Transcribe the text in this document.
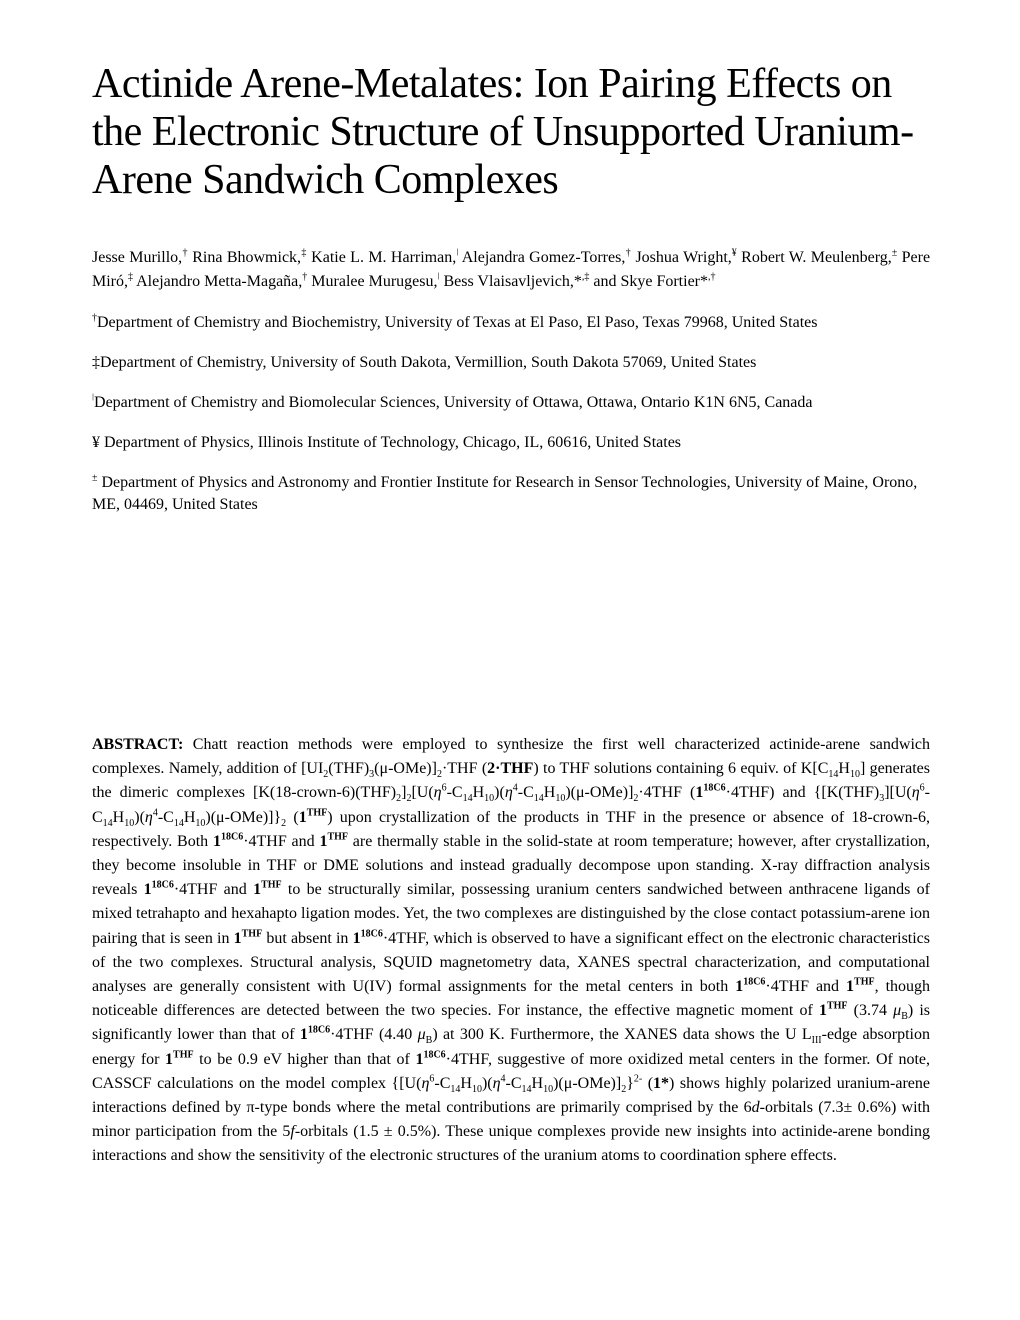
Actinide Arene-Metalates: Ion Pairing Effects on the Electronic Structure of Unsupported Uranium-Arene Sandwich Complexes
Jesse Murillo,† Rina Bhowmick,‡ Katie L. M. Harriman,$^ǀ$ Alejandra Gomez-Torres,† Joshua Wright,¥ Robert W. Meulenberg,± Pere Miró,‡ Alejandro Metta-Magaña,† Muralee Murugesu,$^ǀ$ Bess Vlaisavljevich,*,‡ and Skye Fortier*,†
†Department of Chemistry and Biochemistry, University of Texas at El Paso, El Paso, Texas 79968, United States
‡Department of Chemistry, University of South Dakota, Vermillion, South Dakota 57069, United States
$^ǀ$Department of Chemistry and Biomolecular Sciences, University of Ottawa, Ottawa, Ontario K1N 6N5, Canada
¥ Department of Physics, Illinois Institute of Technology, Chicago, IL, 60616, United States
± Department of Physics and Astronomy and Frontier Institute for Research in Sensor Technologies, University of Maine, Orono, ME, 04469, United States
ABSTRACT: Chatt reaction methods were employed to synthesize the first well characterized actinide-arene sandwich complexes. Namely, addition of $[UI_2(THF)_3(\mu-OMe)]_2\cdot THF$ (2·THF) to THF solutions containing 6 equiv. of $K[C_{14}H_{10}]$ generates the dimeric complexes $[K(18-crown-6)(THF)_2]_2[U(\eta^6-C_{14}H_{10})(\eta^4-C_{14}H_{10})(\mu-OMe)]_2\cdot 4THF$ $(1^{18C6}\cdot 4THF)$ and $\{[K(THF)_3][U(\eta^6-C_{14}H_{10})(\eta^4-C_{14}H_{10})(\mu-OMe)]\}_2$ $(1^{THF})$ upon crystallization of the products in THF in the presence or absence of 18-crown-6, respectively. Both $1^{18C6}\cdot 4THF$ and $1^{THF}$ are thermally stable in the solid-state at room temperature; however, after crystallization, they become insoluble in THF or DME solutions and instead gradually decompose upon standing. X-ray diffraction analysis reveals $1^{18C6}\cdot 4THF$ and $1^{THF}$ to be structurally similar, possessing uranium centers sandwiched between anthracene ligands of mixed tetrahapto and hexahapto ligation modes. Yet, the two complexes are distinguished by the close contact potassium-arene ion pairing that is seen in $1^{THF}$ but absent in $1^{18C6}\cdot 4THF$, which is observed to have a significant effect on the electronic characteristics of the two complexes. Structural analysis, SQUID magnetometry data, XANES spectral characterization, and computational analyses are generally consistent with U(IV) formal assignments for the metal centers in both $1^{18C6}\cdot 4THF$ and $1^{THF}$, though noticeable differences are detected between the two species. For instance, the effective magnetic moment of $1^{THF}$ (3.74 $\mu_B$) is significantly lower than that of $1^{18C6}\cdot 4THF$ (4.40 $\mu_B$) at 300 K. Furthermore, the XANES data shows the U $L_{III}$-edge absorption energy for $1^{THF}$ to be 0.9 eV higher than that of $1^{18C6}\cdot 4THF$, suggestive of more oxidized metal centers in the former. Of note, CASSCF calculations on the model complex $\{[U(\eta^6-C_{14}H_{10})(\eta^4-C_{14}H_{10})(\mu-OMe)]_2\}^{2-}$ (1*) shows highly polarized uranium-arene interactions defined by π-type bonds where the metal contributions are primarily comprised by the 6d-orbitals (7.3± 0.6%) with minor participation from the 5f-orbitals (1.5 ± 0.5%). These unique complexes provide new insights into actinide-arene bonding interactions and show the sensitivity of the electronic structures of the uranium atoms to coordination sphere effects.
